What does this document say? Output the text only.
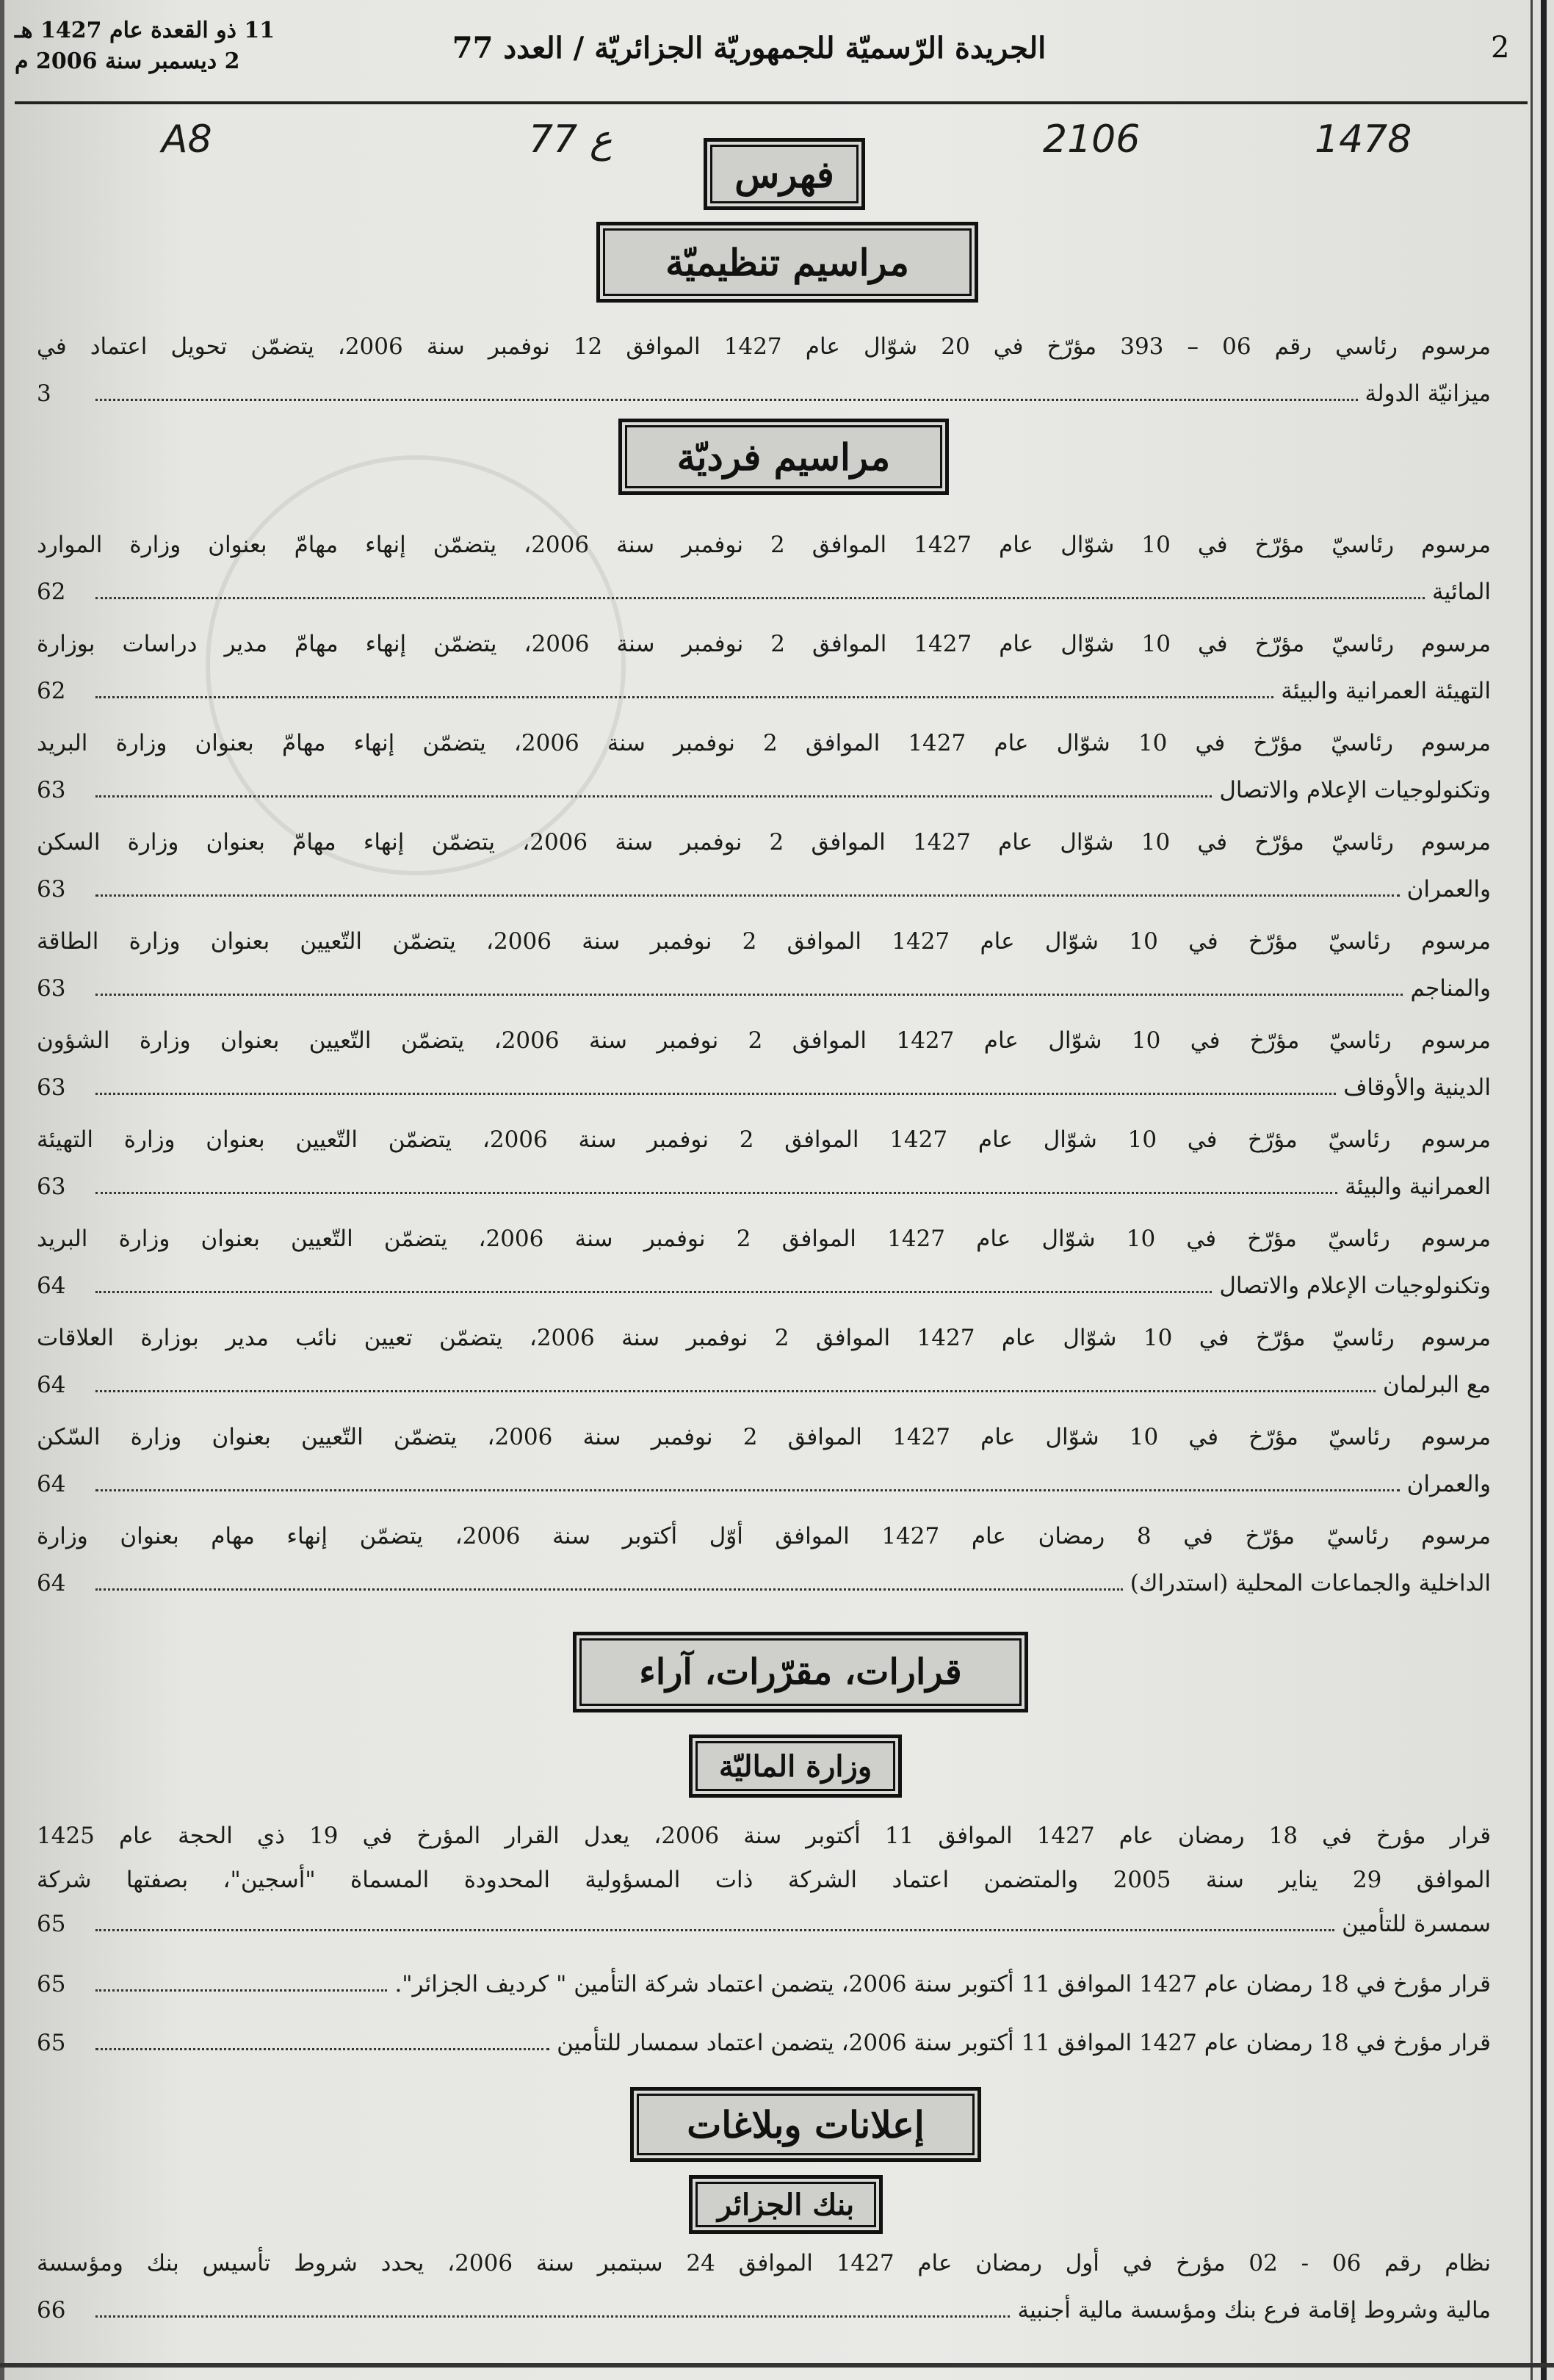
2
الجريدة الرّسميّة للجمهوريّة الجزائريّة / العدد 77
11 ذو القعدة عام 1427 هـ
2 ديسمبر سنة 2006 م
1478
2106
ع 77
A8
فهرس
مراسيم تنظيميّة
مراسيم فرديّة
قرارات، مقرّرات، آراء
وزارة الماليّة
إعلانات وبلاغات
بنك الجزائر
مرسوم رئاسي رقم 06 – 393 مؤرّخ في 20 شوّال عام 1427 الموافق 12 نوفمبر سنة 2006، يتضمّن تحويل اعتماد في
ميزانيّة الدولة
3
مرسوم رئاسيّ مؤرّخ في 10 شوّال عام 1427 الموافق 2 نوفمبر سنة 2006، يتضمّن إنهاء مهامّ بعنوان وزارة الموارد
المائية
62
مرسوم رئاسيّ مؤرّخ في 10 شوّال عام 1427 الموافق 2 نوفمبر سنة 2006، يتضمّن إنهاء مهامّ مدير دراسات بوزارة
التهيئة العمرانية والبيئة
62
مرسوم رئاسيّ مؤرّخ في 10 شوّال عام 1427 الموافق 2 نوفمبر سنة 2006، يتضمّن إنهاء مهامّ بعنوان وزارة البريد
وتكنولوجيات الإعلام والاتصال
63
مرسوم رئاسيّ مؤرّخ في 10 شوّال عام 1427 الموافق 2 نوفمبر سنة 2006، يتضمّن إنهاء مهامّ بعنوان وزارة السكن
والعمران
63
مرسوم رئاسيّ مؤرّخ في 10 شوّال عام 1427 الموافق 2 نوفمبر سنة 2006، يتضمّن التّعيين بعنوان وزارة الطاقة
والمناجم
63
مرسوم رئاسيّ مؤرّخ في 10 شوّال عام 1427 الموافق 2 نوفمبر سنة 2006، يتضمّن التّعيين بعنوان وزارة الشؤون
الدينية والأوقاف
63
مرسوم رئاسيّ مؤرّخ في 10 شوّال عام 1427 الموافق 2 نوفمبر سنة 2006، يتضمّن التّعيين بعنوان وزارة التهيئة
العمرانية والبيئة
63
مرسوم رئاسيّ مؤرّخ في 10 شوّال عام 1427 الموافق 2 نوفمبر سنة 2006، يتضمّن التّعيين بعنوان وزارة البريد
وتكنولوجيات الإعلام والاتصال
64
مرسوم رئاسيّ مؤرّخ في 10 شوّال عام 1427 الموافق 2 نوفمبر سنة 2006، يتضمّن تعيين نائب مدير بوزارة العلاقات
مع البرلمان
64
مرسوم رئاسيّ مؤرّخ في 10 شوّال عام 1427 الموافق 2 نوفمبر سنة 2006، يتضمّن التّعيين بعنوان وزارة السّكن
والعمران
64
مرسوم رئاسيّ مؤرّخ في 8 رمضان عام 1427 الموافق أوّل أكتوبر سنة 2006، يتضمّن إنهاء مهام بعنوان وزارة
الداخلية والجماعات المحلية (استدراك)
64
قرار مؤرخ في 18 رمضان عام 1427 الموافق 11 أكتوبر سنة 2006، يعدل القرار المؤرخ في 19 ذي الحجة عام 1425
الموافق 29 يناير سنة 2005 والمتضمن اعتماد الشركة ذات المسؤولية المحدودة المسماة "أسجين"، بصفتها شركة
سمسرة للتأمين
65
قرار مؤرخ في 18 رمضان عام 1427 الموافق 11 أكتوبر سنة 2006، يتضمن اعتماد شركة التأمين " كرديف الجزائر".
65
قرار مؤرخ في 18 رمضان عام 1427 الموافق 11 أكتوبر سنة 2006، يتضمن اعتماد سمسار للتأمين
65
نظام رقم 06 - 02 مؤرخ في أول رمضان عام 1427 الموافق 24 سبتمبر سنة 2006، يحدد شروط تأسيس بنك ومؤسسة
مالية وشروط إقامة فرع بنك ومؤسسة مالية أجنبية
66
